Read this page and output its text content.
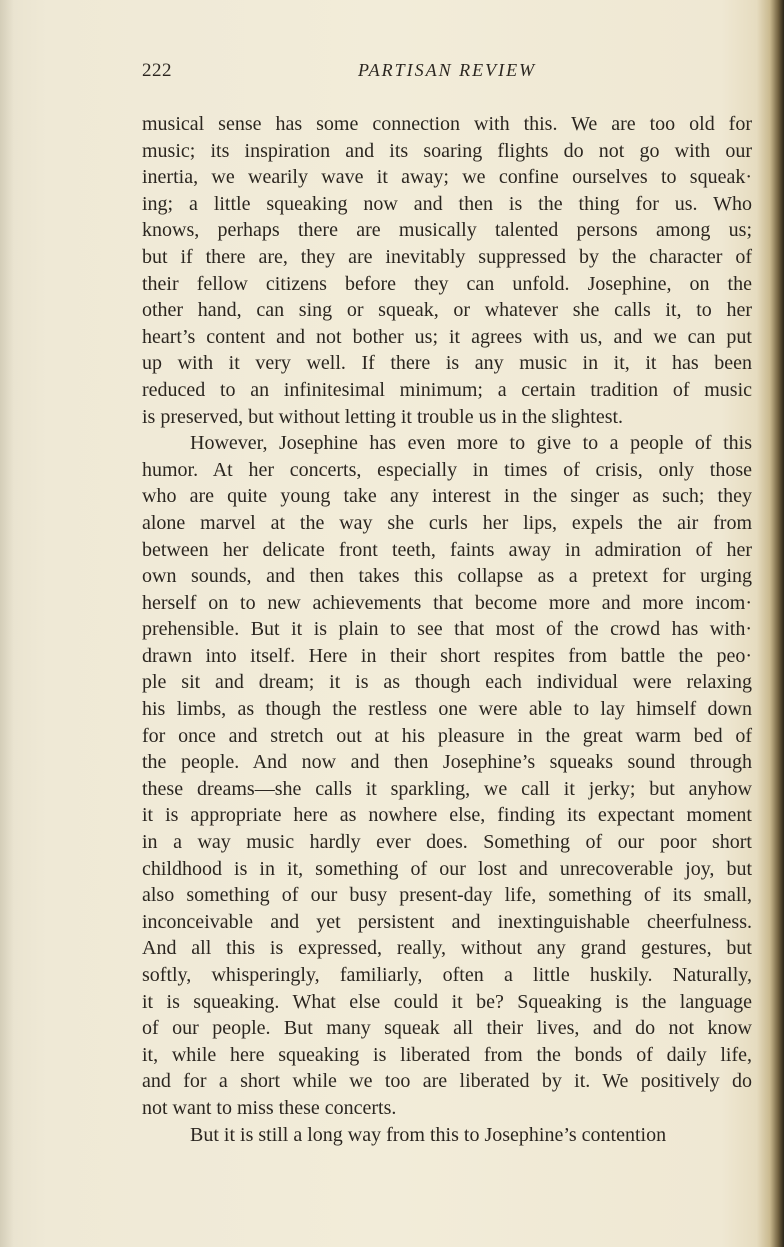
222	PARTISAN REVIEW
musical sense has some connection with this. We are too old for
music; its inspiration and its soaring flights do not go with our
inertia, we wearily wave it away; we confine ourselves to squeak·
ing; a little squeaking now and then is the thing for us. Who
knows, perhaps there are musically talented persons among us;
but if there are, they are inevitably suppressed by the character of
their fellow citizens before they can unfold. Josephine, on the
other hand, can sing or squeak, or whatever she calls it, to her
heart’s content and not bother us; it agrees with us, and we can put
up with it very well. If there is any music in it, it has been
reduced to an infinitesimal minimum; a certain tradition of music
is preserved, but without letting it trouble us in the slightest.
However, Josephine has even more to give to a people of this
humor. At her concerts, especially in times of crisis, only those
who are quite young take any interest in the singer as such; they
alone marvel at the way she curls her lips, expels the air from
between her delicate front teeth, faints away in admiration of her
own sounds, and then takes this collapse as a pretext for urging
herself on to new achievements that become more and more incom·
prehensible. But it is plain to see that most of the crowd has with·
drawn into itself. Here in their short respites from battle the peo·
ple sit and dream; it is as though each individual were relaxing
his limbs, as though the restless one were able to lay himself down
for once and stretch out at his pleasure in the great warm bed of
the people. And now and then Josephine’s squeaks sound through
these dreams—she calls it sparkling, we call it jerky; but anyhow
it is appropriate here as nowhere else, finding its expectant moment
in a way music hardly ever does. Something of our poor short
childhood is in it, something of our lost and unrecoverable joy, but
also something of our busy present-day life, something of its small,
inconceivable and yet persistent and inextinguishable cheerfulness.
And all this is expressed, really, without any grand gestures, but
softly, whisperingly, familiarly, often a little huskily. Naturally,
it is squeaking. What else could it be? Squeaking is the language
of our people. But many squeak all their lives, and do not know
it, while here squeaking is liberated from the bonds of daily life,
and for a short while we too are liberated by it. We positively do
not want to miss these concerts.
But it is still a long way from this to Josephine’s contention
